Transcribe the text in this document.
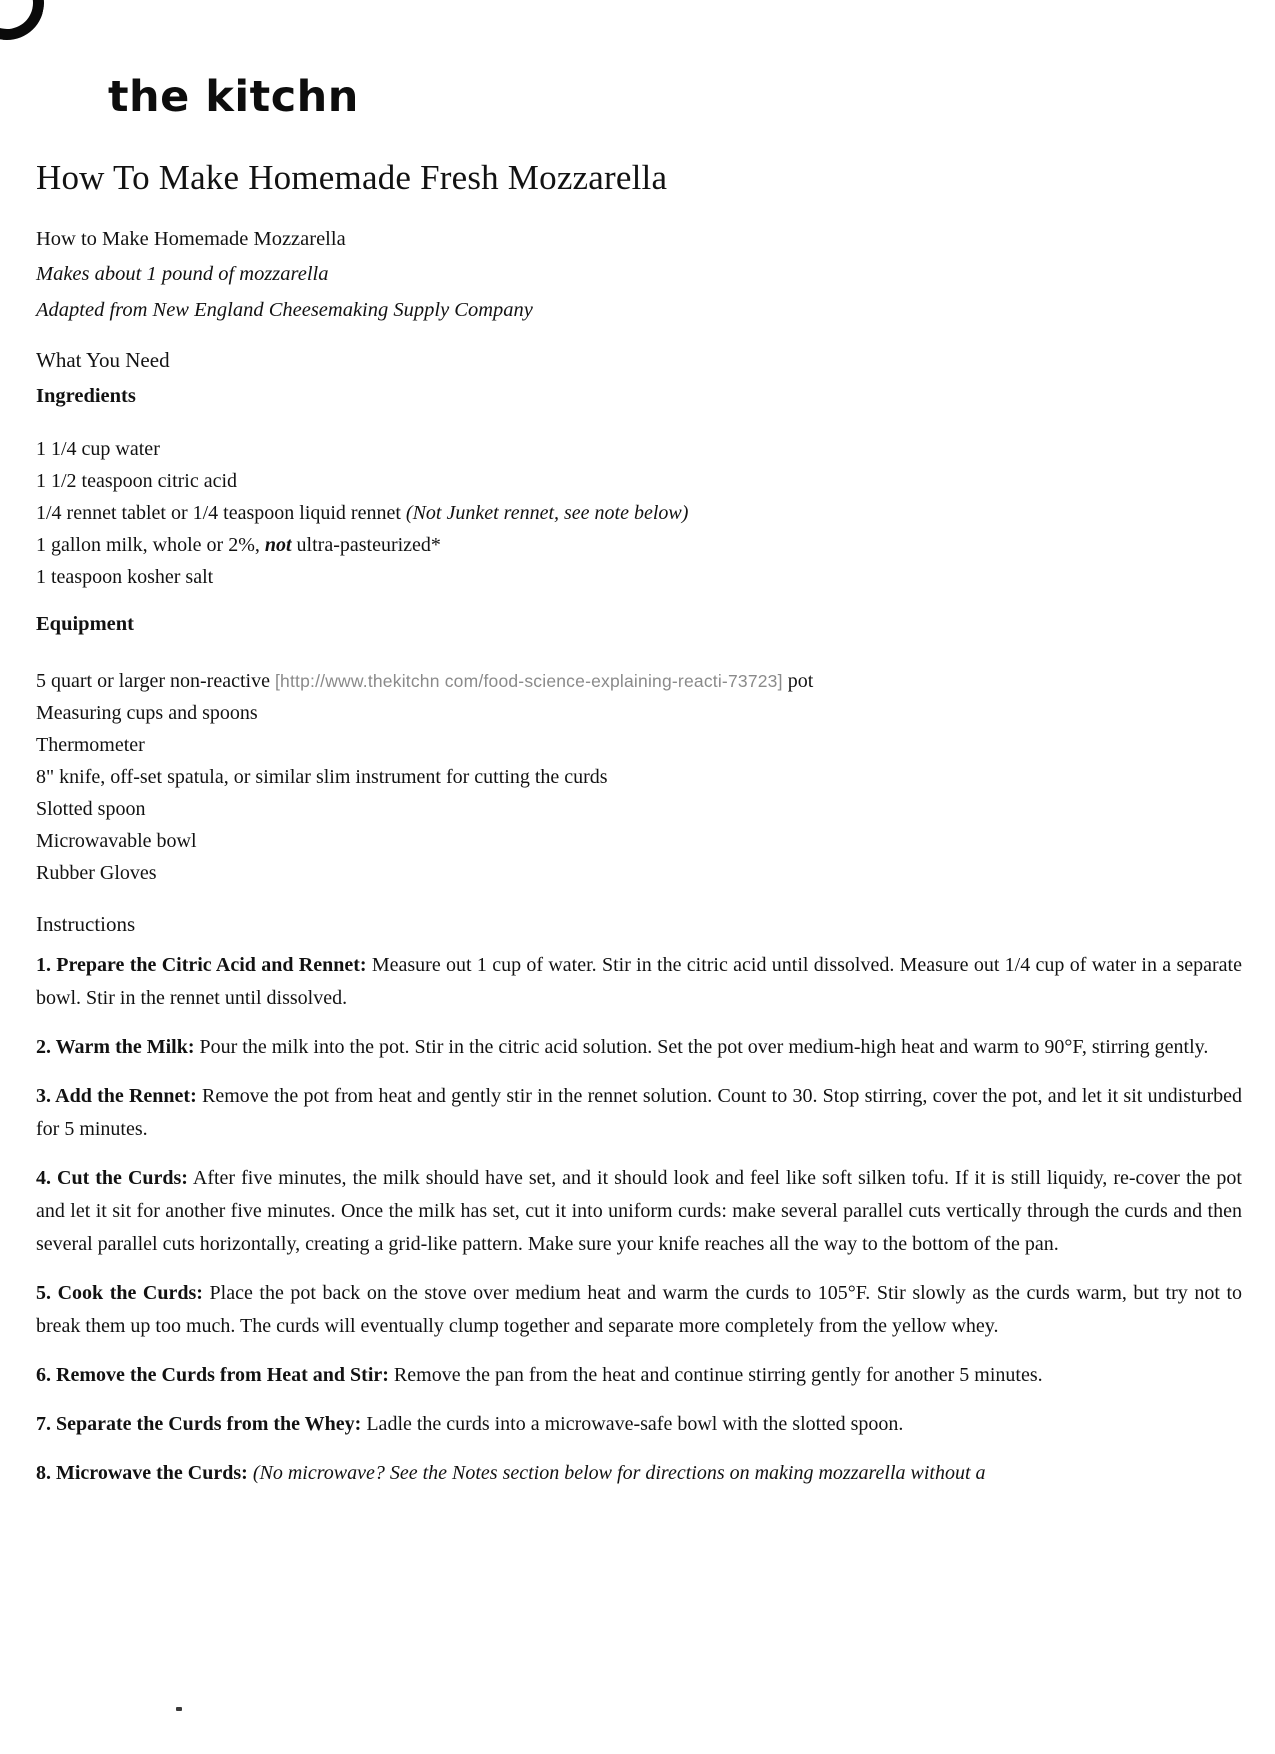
the kitchn
How To Make Homemade Fresh Mozzarella

How to Make Homemade Mozzarella

Makes about 1 pound of mozzarella

Adapted from New England Cheesemaking Supply Company

What You Need

Ingredients

1 1/4 cup water

1 1/2 teaspoon citric acid

1/4 rennet tablet or 1/4 teaspoon liquid rennet (Not Junket rennet, see note below)

1 gallon milk, whole or 2%, not ultra-pasteurized*

1 teaspoon kosher salt

Equipment

5 quart or larger non-reactive [http://www.thekitchn com/food-science-explaining-reacti-73723] pot

Measuring cups and spoons

Thermometer

8" knife, off-set spatula, or similar slim instrument for cutting the curds

Slotted spoon

Microwavable bowl

Rubber Gloves

Instructions

1. Prepare the Citric Acid and Rennet: Measure out 1 cup of water. Stir in the citric acid until dissolved. Measure out 1/4 cup of water in a separate bowl. Stir in the rennet until dissolved.

2. Warm the Milk: Pour the milk into the pot. Stir in the citric acid solution. Set the pot over medium-high heat and warm to 90°F, stirring gently.

3. Add the Rennet: Remove the pot from heat and gently stir in the rennet solution. Count to 30. Stop stirring, cover the pot, and let it sit undisturbed for 5 minutes.

4. Cut the Curds: After five minutes, the milk should have set, and it should look and feel like soft silken tofu. If it is still liquidy, re-cover the pot and let it sit for another five minutes. Once the milk has set, cut it into uniform curds: make several parallel cuts vertically through the curds and then several parallel cuts horizontally, creating a grid-like pattern. Make sure your knife reaches all the way to the bottom of the pan.

5. Cook the Curds: Place the pot back on the stove over medium heat and warm the curds to 105°F. Stir slowly as the curds warm, but try not to break them up too much. The curds will eventually clump together and separate more completely from the yellow whey.

6. Remove the Curds from Heat and Stir: Remove the pan from the heat and continue stirring gently for another 5 minutes.

7. Separate the Curds from the Whey: Ladle the curds into a microwave-safe bowl with the slotted spoon.

8. Microwave the Curds: (No microwave? See the Notes section below for directions on making mozzarella without a
